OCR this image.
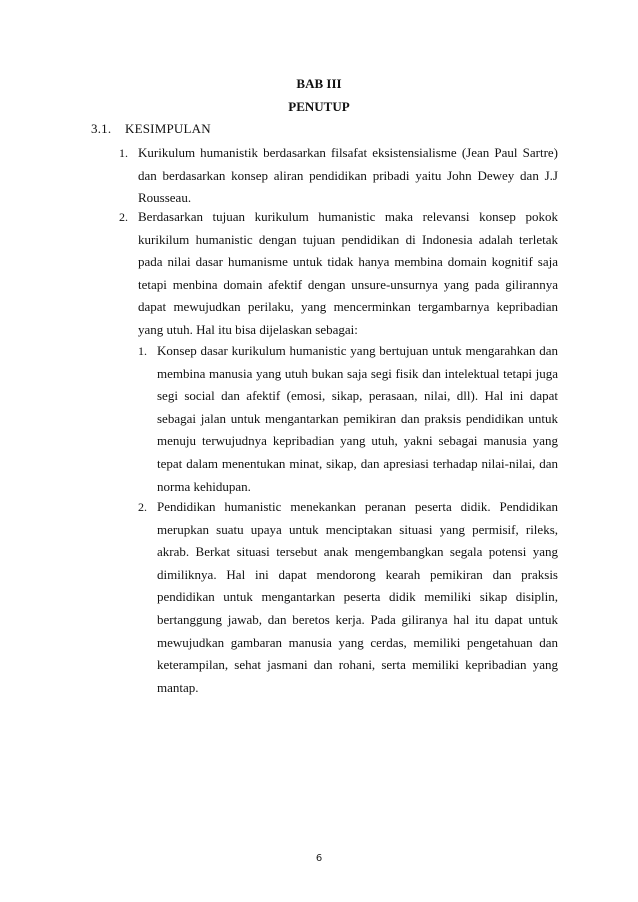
BAB III
PENUTUP
3.1. KESIMPULAN
1. Kurikulum humanistik berdasarkan filsafat eksistensialisme (Jean Paul Sartre) dan berdasarkan konsep aliran pendidikan pribadi yaitu John Dewey dan J.J Rousseau.
2. Berdasarkan tujuan kurikulum humanistic maka relevansi konsep pokok kurikilum humanistic dengan tujuan pendidikan di Indonesia adalah terletak pada nilai dasar humanisme untuk tidak hanya membina domain kognitif saja tetapi menbina domain afektif dengan unsure-unsurnya yang pada gilirannya dapat mewujudkan perilaku, yang mencerminkan tergambarnya kepribadian yang utuh. Hal itu bisa dijelaskan sebagai:
1. Konsep dasar kurikulum humanistic yang bertujuan untuk mengarahkan dan membina manusia yang utuh bukan saja segi fisik dan intelektual tetapi juga segi social dan afektif (emosi, sikap, perasaan, nilai, dll). Hal ini dapat sebagai jalan untuk mengantarkan pemikiran dan praksis pendidikan untuk menuju terwujudnya kepribadian yang utuh, yakni sebagai manusia yang tepat dalam menentukan minat, sikap, dan apresiasi terhadap nilai-nilai, dan norma kehidupan.
2. Pendidikan humanistic menekankan peranan peserta didik. Pendidikan merupkan suatu upaya untuk menciptakan situasi yang permisif, rileks, akrab. Berkat situasi tersebut anak mengembangkan segala potensi yang dimiliknya. Hal ini dapat mendorong kearah pemikiran dan praksis pendidikan untuk mengantarkan peserta didik memiliki sikap disiplin, bertanggung jawab, dan beretos kerja. Pada giliranya hal itu dapat untuk mewujudkan gambaran manusia yang cerdas, memiliki pengetahuan dan keterampilan, sehat jasmani dan rohani, serta memiliki kepribadian yang mantap.
6
